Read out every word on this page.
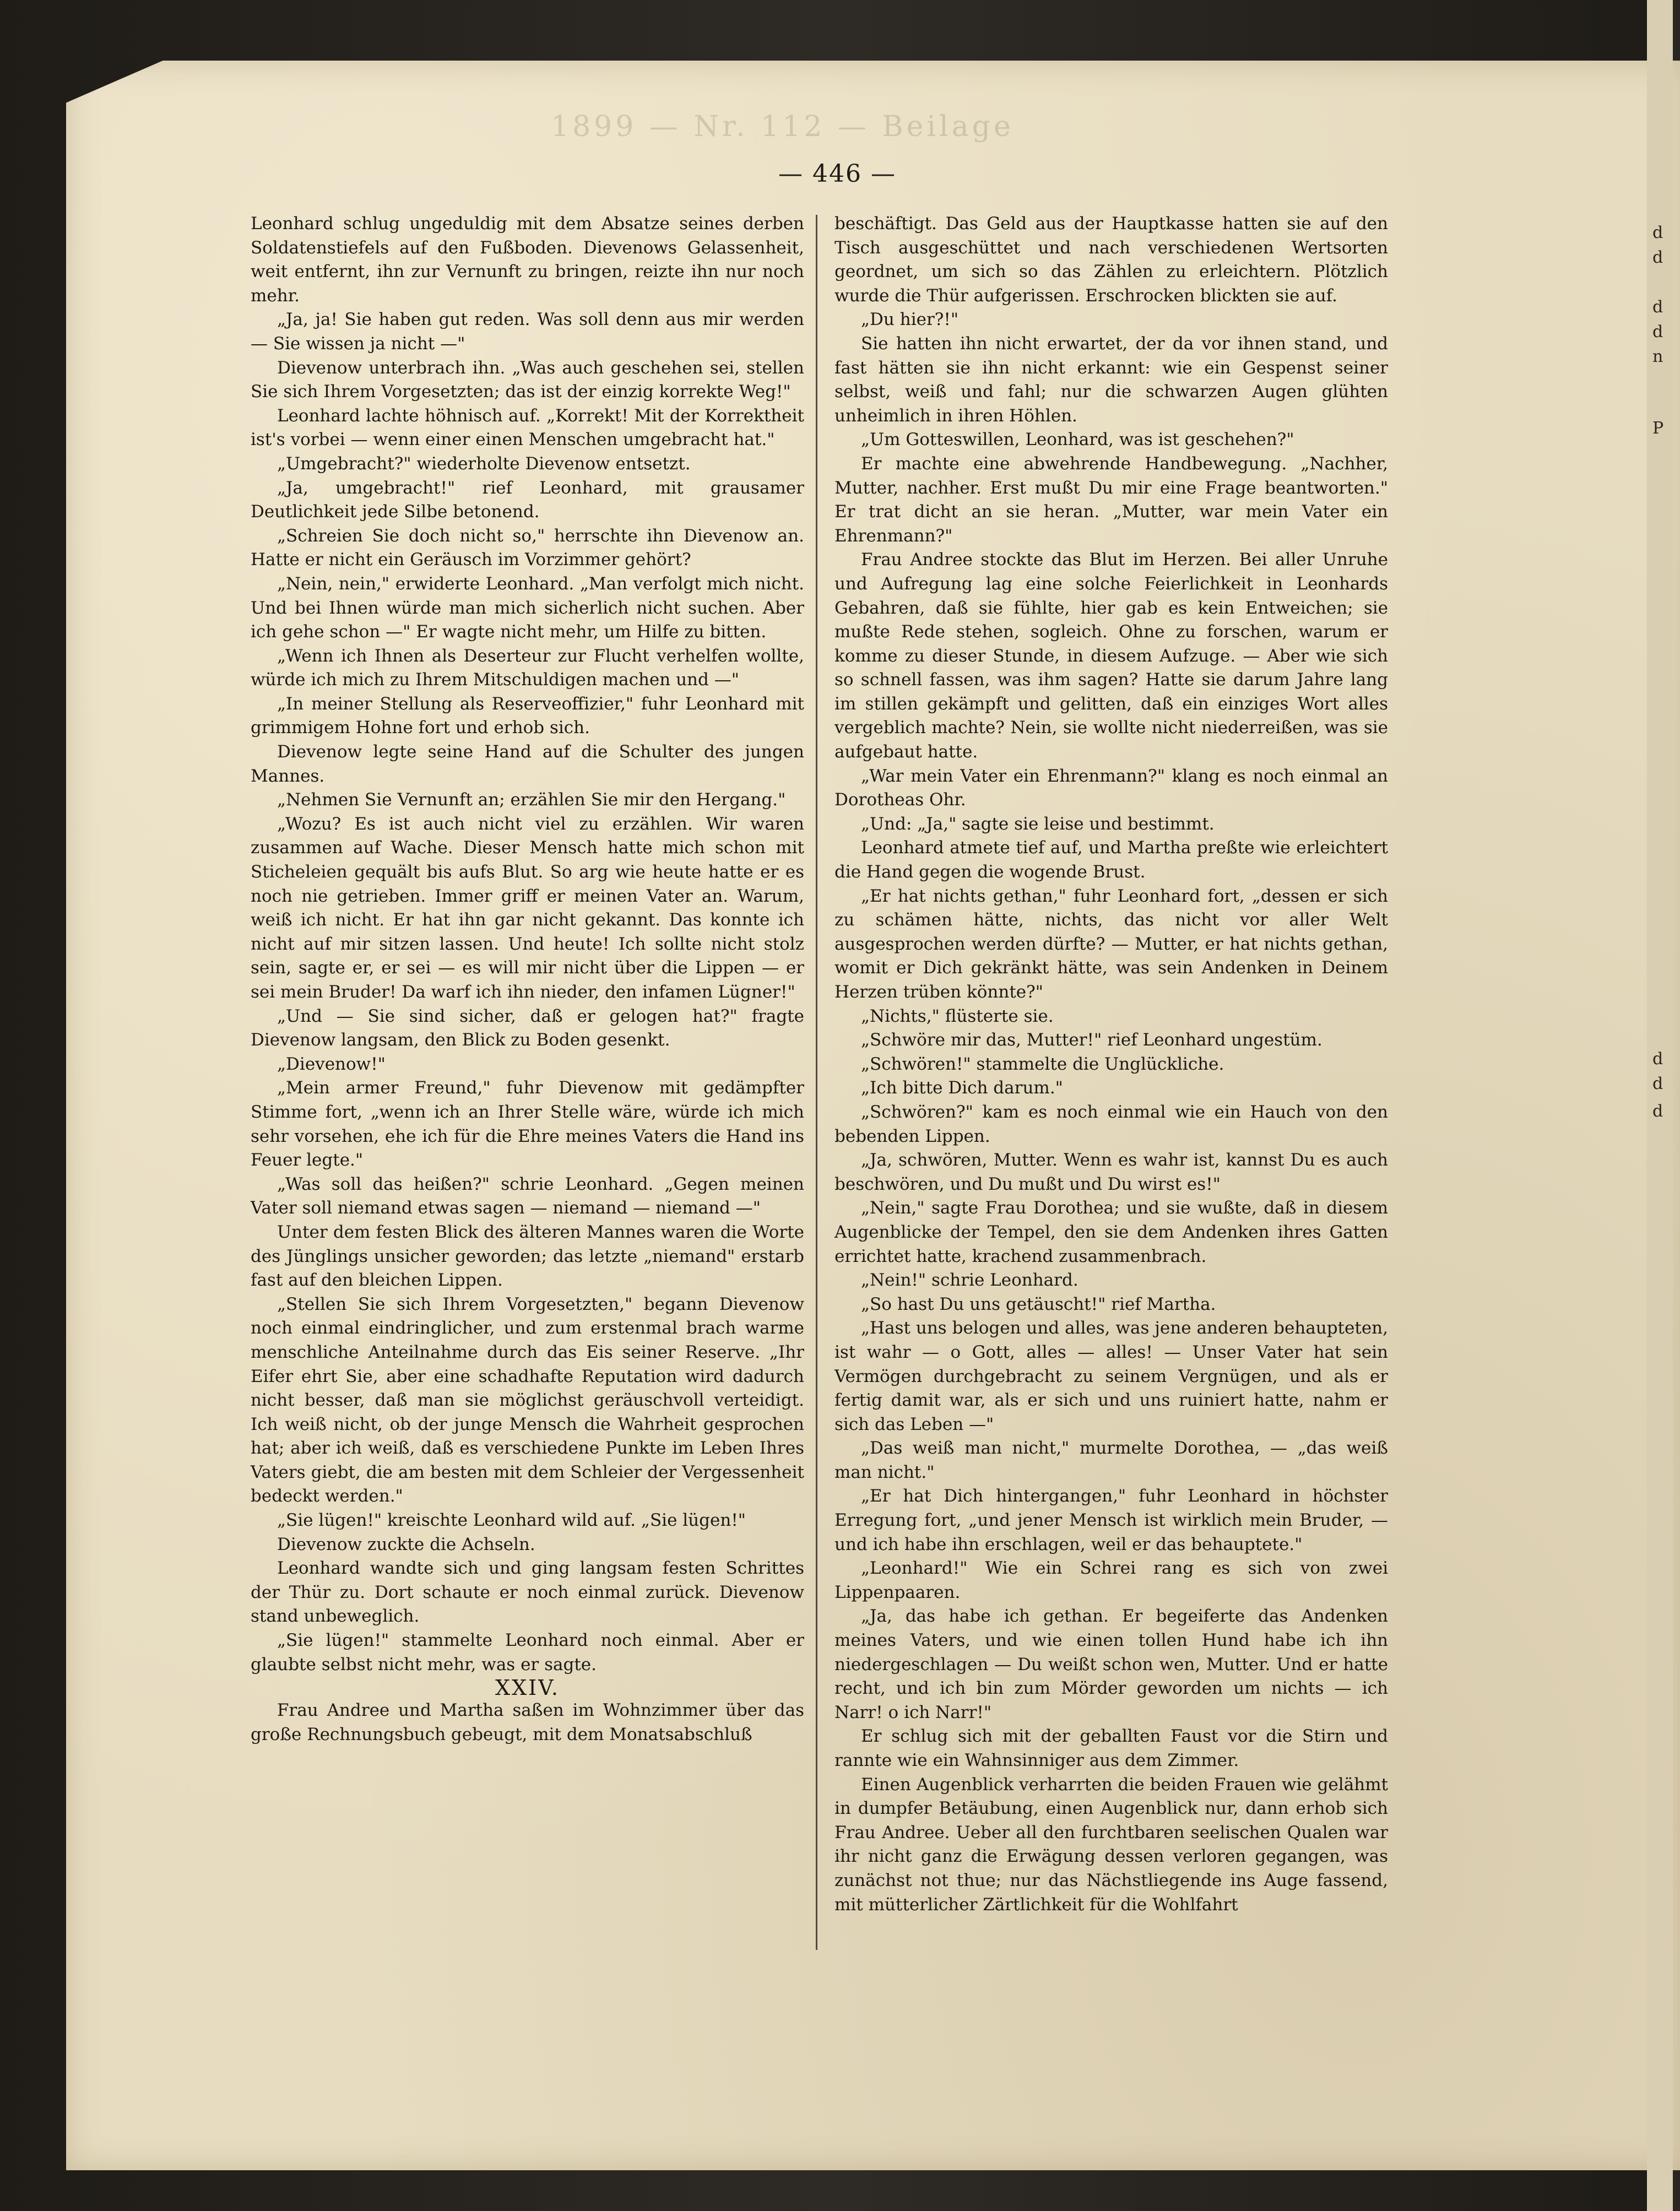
1899 — Nr. 112 — Beilage
— 446 —

Leonhard schlug ungeduldig mit dem Absatze seines derben Soldatenstiefels auf den Fußboden. Dievenows Gelassenheit, weit entfernt, ihn zur Vernunft zu bringen, reizte ihn nur noch mehr.

„Ja, ja! Sie haben gut reden. Was soll denn aus mir werden — Sie wissen ja nicht —"

Dievenow unterbrach ihn. „Was auch geschehen sei, stellen Sie sich Ihrem Vorgesetzten; das ist der einzig korrekte Weg!"

Leonhard lachte höhnisch auf. „Korrekt! Mit der Korrektheit ist's vorbei — wenn einer einen Menschen umgebracht hat."

„Umgebracht?" wiederholte Dievenow entsetzt.

„Ja, umgebracht!" rief Leonhard, mit grausamer Deutlichkeit jede Silbe betonend.

„Schreien Sie doch nicht so," herrschte ihn Dievenow an. Hatte er nicht ein Geräusch im Vorzimmer gehört?

„Nein, nein," erwiderte Leonhard. „Man verfolgt mich nicht. Und bei Ihnen würde man mich sicherlich nicht suchen. Aber ich gehe schon —" Er wagte nicht mehr, um Hilfe zu bitten.

„Wenn ich Ihnen als Deserteur zur Flucht verhelfen wollte, würde ich mich zu Ihrem Mitschuldigen machen und —"

„In meiner Stellung als Reserveoffizier," fuhr Leonhard mit grimmigem Hohne fort und erhob sich.

Dievenow legte seine Hand auf die Schulter des jungen Mannes.

„Nehmen Sie Vernunft an; erzählen Sie mir den Hergang."

„Wozu? Es ist auch nicht viel zu erzählen. Wir waren zusammen auf Wache. Dieser Mensch hatte mich schon mit Sticheleien gequält bis aufs Blut. So arg wie heute hatte er es noch nie getrieben. Immer griff er meinen Vater an. Warum, weiß ich nicht. Er hat ihn gar nicht gekannt. Das konnte ich nicht auf mir sitzen lassen. Und heute! Ich sollte nicht stolz sein, sagte er, er sei — es will mir nicht über die Lippen — er sei mein Bruder! Da warf ich ihn nieder, den infamen Lügner!"

„Und — Sie sind sicher, daß er gelogen hat?" fragte Dievenow langsam, den Blick zu Boden gesenkt.

„Dievenow!"

„Mein armer Freund," fuhr Dievenow mit gedämpfter Stimme fort, „wenn ich an Ihrer Stelle wäre, würde ich mich sehr vorsehen, ehe ich für die Ehre meines Vaters die Hand ins Feuer legte."

„Was soll das heißen?" schrie Leonhard. „Gegen meinen Vater soll niemand etwas sagen — niemand — niemand —"

Unter dem festen Blick des älteren Mannes waren die Worte des Jünglings unsicher geworden; das letzte „niemand" erstarb fast auf den bleichen Lippen.

„Stellen Sie sich Ihrem Vorgesetzten," begann Dievenow noch einmal eindringlicher, und zum erstenmal brach warme menschliche Anteilnahme durch das Eis seiner Reserve. „Ihr Eifer ehrt Sie, aber eine schadhafte Reputation wird dadurch nicht besser, daß man sie möglichst geräuschvoll verteidigt. Ich weiß nicht, ob der junge Mensch die Wahrheit gesprochen hat; aber ich weiß, daß es verschiedene Punkte im Leben Ihres Vaters giebt, die am besten mit dem Schleier der Vergessenheit bedeckt werden."

„Sie lügen!" kreischte Leonhard wild auf. „Sie lügen!"

Dievenow zuckte die Achseln.

Leonhard wandte sich und ging langsam festen Schrittes der Thür zu. Dort schaute er noch einmal zurück. Dievenow stand unbeweglich.

„Sie lügen!" stammelte Leonhard noch einmal. Aber er glaubte selbst nicht mehr, was er sagte.

XXIV.

Frau Andree und Martha saßen im Wohnzimmer über das große Rechnungsbuch gebeugt, mit dem Monatsabschluß

beschäftigt. Das Geld aus der Hauptkasse hatten sie auf den Tisch ausgeschüttet und nach verschiedenen Wertsorten geordnet, um sich so das Zählen zu erleichtern. Plötzlich wurde die Thür aufgerissen. Erschrocken blickten sie auf.

„Du hier?!"

Sie hatten ihn nicht erwartet, der da vor ihnen stand, und fast hätten sie ihn nicht erkannt: wie ein Gespenst seiner selbst, weiß und fahl; nur die schwarzen Augen glühten unheimlich in ihren Höhlen.

„Um Gotteswillen, Leonhard, was ist geschehen?"

Er machte eine abwehrende Handbewegung. „Nachher, Mutter, nachher. Erst mußt Du mir eine Frage beantworten." Er trat dicht an sie heran. „Mutter, war mein Vater ein Ehrenmann?"

Frau Andree stockte das Blut im Herzen. Bei aller Unruhe und Aufregung lag eine solche Feierlichkeit in Leonhards Gebahren, daß sie fühlte, hier gab es kein Entweichen; sie mußte Rede stehen, sogleich. Ohne zu forschen, warum er komme zu dieser Stunde, in diesem Aufzuge. — Aber wie sich so schnell fassen, was ihm sagen? Hatte sie darum Jahre lang im stillen gekämpft und gelitten, daß ein einziges Wort alles vergeblich machte? Nein, sie wollte nicht niederreißen, was sie aufgebaut hatte.

„War mein Vater ein Ehrenmann?" klang es noch einmal an Dorotheas Ohr.

„Und: „Ja," sagte sie leise und bestimmt.

Leonhard atmete tief auf, und Martha preßte wie erleichtert die Hand gegen die wogende Brust.

„Er hat nichts gethan," fuhr Leonhard fort, „dessen er sich zu schämen hätte, nichts, das nicht vor aller Welt ausgesprochen werden dürfte? — Mutter, er hat nichts gethan, womit er Dich gekränkt hätte, was sein Andenken in Deinem Herzen trüben könnte?"

„Nichts," flüsterte sie.

„Schwöre mir das, Mutter!" rief Leonhard ungestüm.

„Schwören!" stammelte die Unglückliche.

„Ich bitte Dich darum."

„Schwören?" kam es noch einmal wie ein Hauch von den bebenden Lippen.

„Ja, schwören, Mutter. Wenn es wahr ist, kannst Du es auch beschwören, und Du mußt und Du wirst es!"

„Nein," sagte Frau Dorothea; und sie wußte, daß in diesem Augenblicke der Tempel, den sie dem Andenken ihres Gatten errichtet hatte, krachend zusammenbrach.

„Nein!" schrie Leonhard.

„So hast Du uns getäuscht!" rief Martha.

„Hast uns belogen und alles, was jene anderen behaupteten, ist wahr — o Gott, alles — alles! — Unser Vater hat sein Vermögen durchgebracht zu seinem Vergnügen, und als er fertig damit war, als er sich und uns ruiniert hatte, nahm er sich das Leben —"

„Das weiß man nicht," murmelte Dorothea, — „das weiß man nicht."

„Er hat Dich hintergangen," fuhr Leonhard in höchster Erregung fort, „und jener Mensch ist wirklich mein Bruder, — und ich habe ihn erschlagen, weil er das behauptete."

„Leonhard!" Wie ein Schrei rang es sich von zwei Lippenpaaren.

„Ja, das habe ich gethan. Er begeiferte das Andenken meines Vaters, und wie einen tollen Hund habe ich ihn niedergeschlagen — Du weißt schon wen, Mutter. Und er hatte recht, und ich bin zum Mörder geworden um nichts — ich Narr! o ich Narr!"

Er schlug sich mit der geballten Faust vor die Stirn und rannte wie ein Wahnsinniger aus dem Zimmer.

Einen Augenblick verharrten die beiden Frauen wie gelähmt in dumpfer Betäubung, einen Augenblick nur, dann erhob sich Frau Andree. Ueber all den furchtbaren seelischen Qualen war ihr nicht ganz die Erwägung dessen verloren gegangen, was zunächst not thue; nur das Nächstliegende ins Auge fassend, mit mütterlicher Zärtlichkeit für die Wohlfahrt

d
d
d
d
n
P
d
d
d
